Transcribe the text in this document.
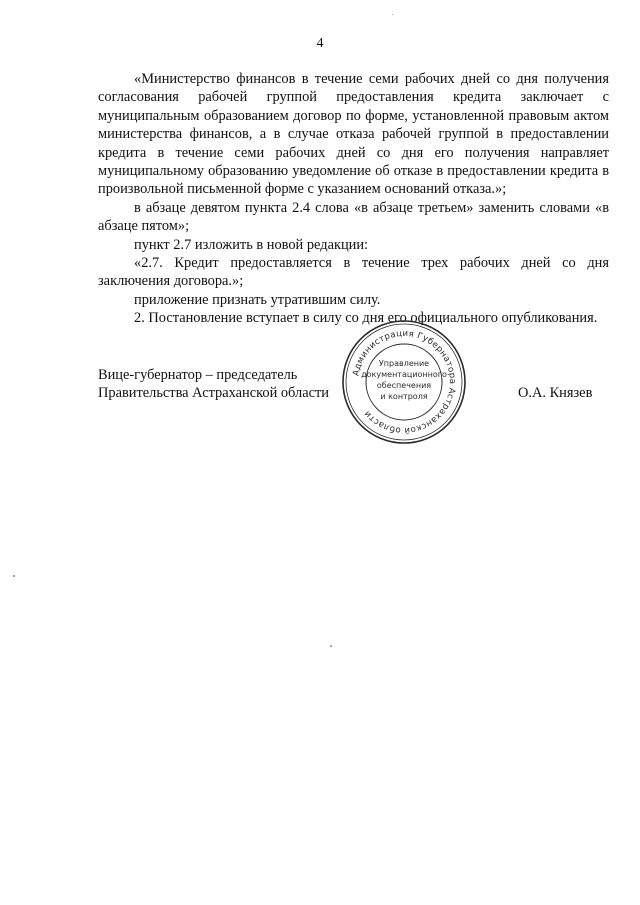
4

«Министерство финансов в течение семи рабочих дней со дня получения согласования рабочей группой предоставления кредита заключает с муниципальным образованием договор по форме, установленной правовым актом министерства финансов, а в случае отказа рабочей группой в предоставлении кредита в течение семи рабочих дней со дня его получения направляет муниципальному образованию уведомление об отказе в предоставлении кредита в произвольной письменной форме с указанием оснований отказа.»;

в абзаце девятом пункта 2.4 слова «в абзаце третьем» заменить словами «в абзаце пятом»;

пункт 2.7 изложить в новой редакции:

«2.7. Кредит предоставляется в течение трех рабочих дней со дня заключения договора.»;

приложение признать утратившим силу.

2. Постановление вступает в силу со дня его официального опубликования.

Вице-губернатор – председатель
Правительства Астраханской области	О.А. Князев
Администрация Губернатора Астраханской области
Управление
документационного
обеспечения
и контроля
